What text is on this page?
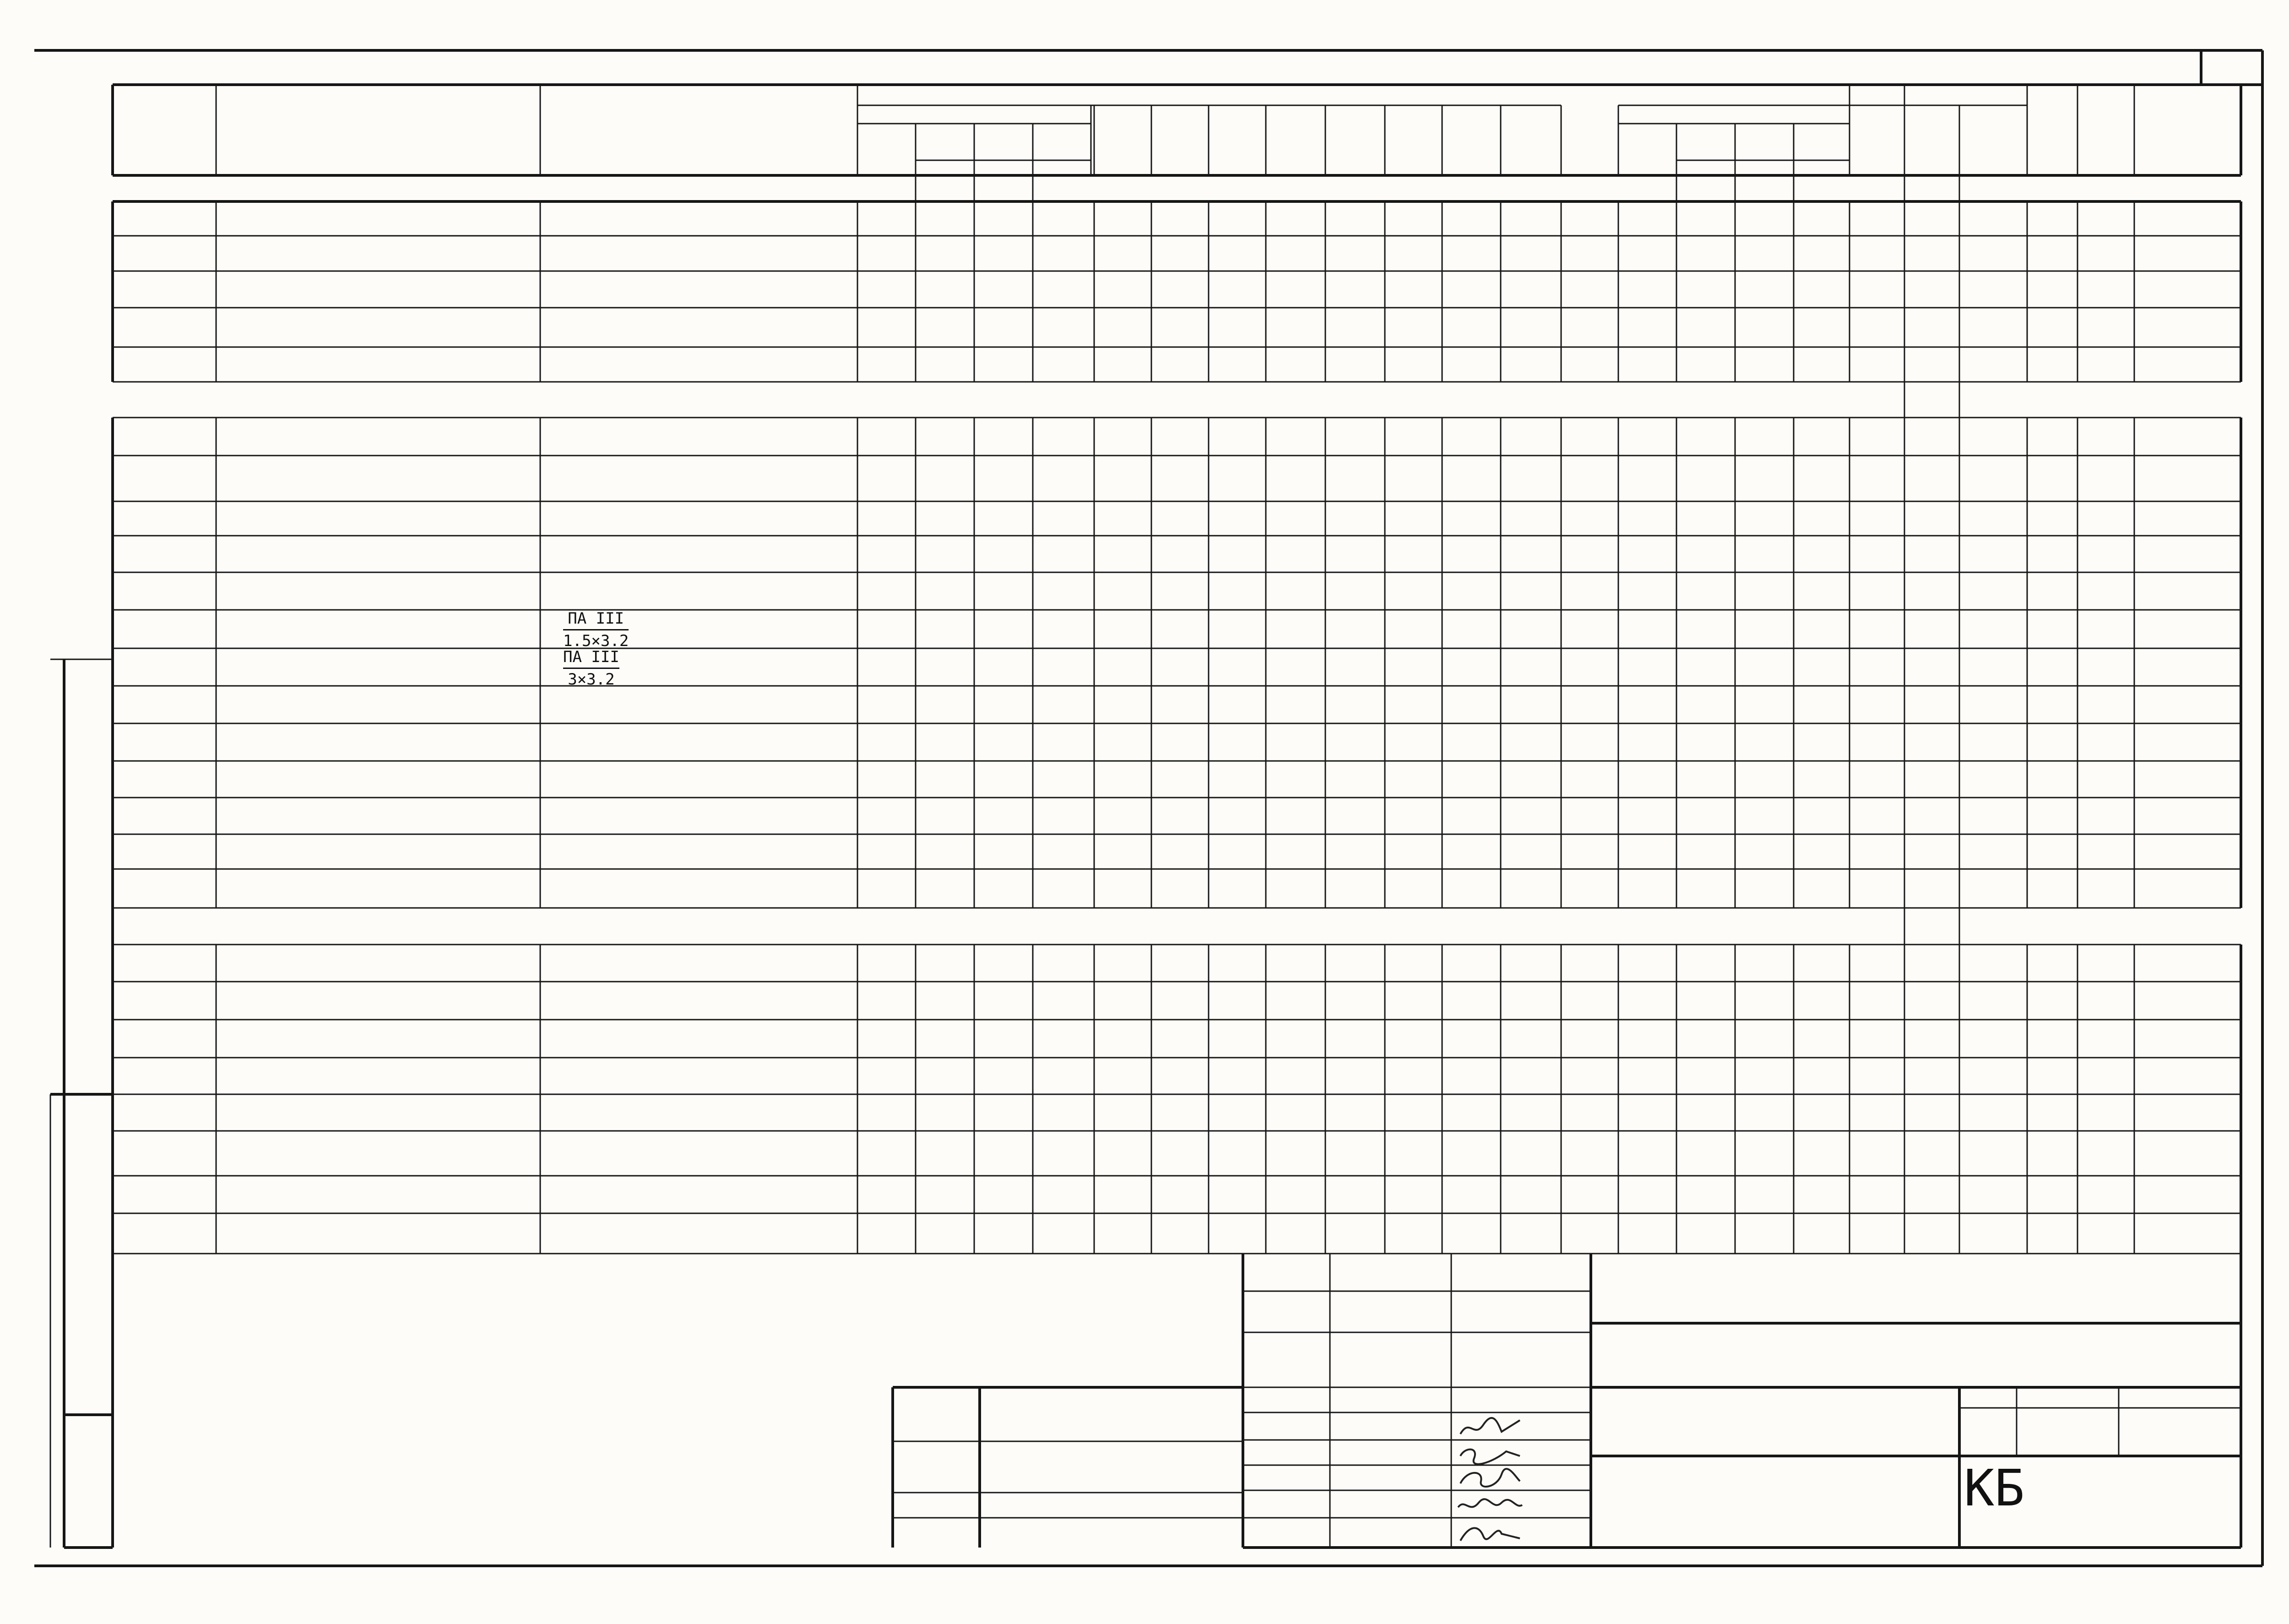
ПА III
1.5×3.2
ПА III
3×3.2
КБ
